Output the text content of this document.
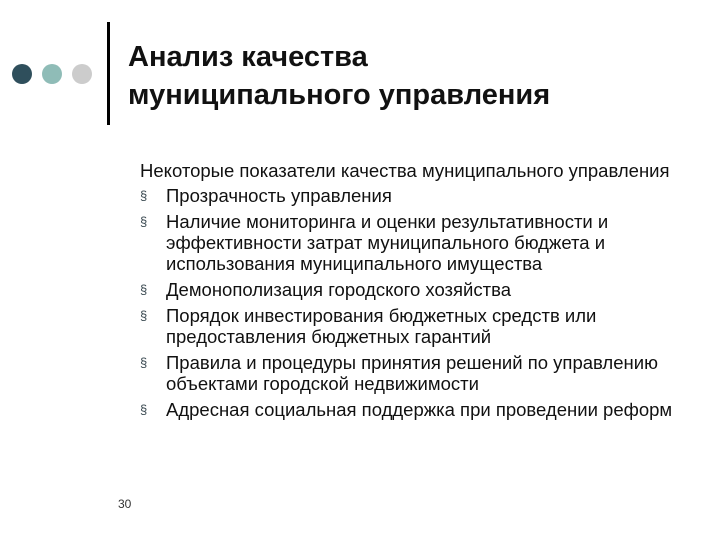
Анализ качества
муниципального управления

Некоторые показатели качества муниципального управления

§	Прозрачность управления
§	Наличие мониторинга и оценки результативности и эффективности затрат муниципального бюджета и использования муниципального имущества
§	Демонополизация городского хозяйства
§	Порядок инвестирования бюджетных средств или предоставления бюджетных гарантий
§	Правила и процедуры принятия решений по управлению объектами городской недвижимости
§	Адресная социальная поддержка при проведении реформ
30
